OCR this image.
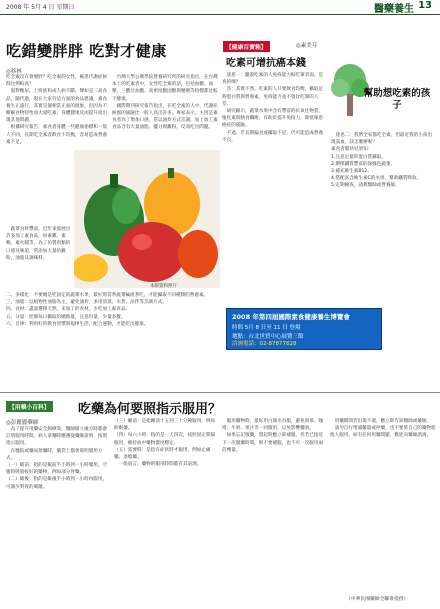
2008 年 5月 4 日 星期日	醫藥養生 13
吃錯變胖胖 吃對才健康
◎蔡林
吃全素沒有會變胖？吃全素的女性，罹患代謝症候群比例較高？
　面對糖尿、上班族和成人病不斷，聲如是三高食品，隨代過，現在大家有這方面的食品建議，素食養生正盛行，其實是個相當正面的現象，但因為不瞭解食物特性而大量吃素，身體健康反而提升而出現其他問題。
　根據研究報告，素食者身體一些健康指標和一般人不同，長期吃全素者飲食不均衡，容易造成營養素不足。
　台灣大學公衛學院營養研究所的研究指出，在台灣本土的吃素者中，女性吃全素的話，包括血糖、血壓、三酸甘油酯、高密度膽固醇與腰圍等指標都比較不健康。
　國際期刊研究報告指出，在吃全素的人中，代謝症候群的風險比一般人高出許多。專家表示，主因是素食者為了增加口感，常以油炸方式烹調，加上加工素食品含有大量油脂、鹽分與澱粉，反而吃出問題。
　蔬菜食材豐富，近年來發展出許多加工素食品，如素雞、素鴨、素火腿等，為了仿製肉類的口感及味道，常添加大量的澱粉、油脂及調味料。
二、多樣化：不要總是吃固定的蔬菜水果，最好將當季蔬菜輪流著吃，才能攝取不同種類的營養素。
三、油脂：以植物性油脂為主，避免油炸，多用清蒸、水煮、涼拌等烹調方式。
四、食材：盡量選擇天然、未加工的食材，少吃加工素食品。
五、分量：控制每日攝取的總熱量，注意份量，少量多餐。
六、自律：利用好的飲食習慣與規律生活，配合運動，才能吃出健康。
本版資料照片
【健康百寶箱】	◎素美芬
吃素可增抗癌本錢
　迷思一：聽說吃素的人免疫能力較吃葷者弱，是真的嗎？
　答：其實不然。吃素的人只要飲食均衡，攝取足夠蛋白質與營養素，免疫能力並不會比吃葷的人差。
　研究顯示，蔬菜水果中含有豐富的抗氧化物質、植化素與膳食纖維，有助於提升免疫力，降低罹患癌症的風險。
　不過，若長期偏食或攝取不足，仍可能造成營養不良。
幫助想吃素的孩子
　迷思二：我們全家都吃全素，但最近我的小孩出現貧血，該怎麼辦呢？
素食者嬰幼兒須知：
1.注意足量的蛋白質攝取。
2.選擇鐵質豐富的深綠色蔬菜。
3.補充維生素B12。
4.搭配富含維生素C的水果，幫助鐵質吸收。
5.定期檢查，請教醫師或營養師。
2008 年第四屆國際素食健康養生博覽會
時間 5月 8 日至 11 日 登場
地點：台北世貿中心展覽三館
洽詢電話：02-87877828
【用藥小百科】 吃藥為何要照指示服用？
◎彭麗麗藥師
　為了提升用藥安全與療效，醫師開立處方時都會註明服用時間，病人拿藥時應遵從藥師說明，按照指示服用。
　在醫院或藥局領藥時，藥袋上都會寫明服用方式。
（一）飯前：指的是飯前半小時到一小時服用，空腹時吸收較好的藥物，例如部分胃藥。
（二）飯後：指的是飯後半小時到一小時內服用，可減少對胃的刺激。
（三）睡前：是指睡前十五到三十分鐘服用，例如助眠藥。
（四）每六小時：指的是一天四次，按照固定間隔服用，維持血中藥物濃度穩定。
（五）需要時：是指有症狀時才服用，例如止痛藥、退燒藥。
　一般而言，藥物的服用時間都有其道理。
　服用藥物時，最好用白開水吞服，避免與茶、咖啡、牛奶、果汁等一同服用，以免影響藥效。
　如果忘記服藥，想起時應立即補服，但若已接近下一次服藥時間，則不要補服，也不可一次服用兩倍劑量。
　用藥期間若出現不適，應立即告知醫師或藥師。
　請勿自行增減藥量或停藥，也不要將自己的藥物給他人服用，如有任何用藥問題，歡迎向藥師諮詢。
（中華民國藥師全聯會提供）
